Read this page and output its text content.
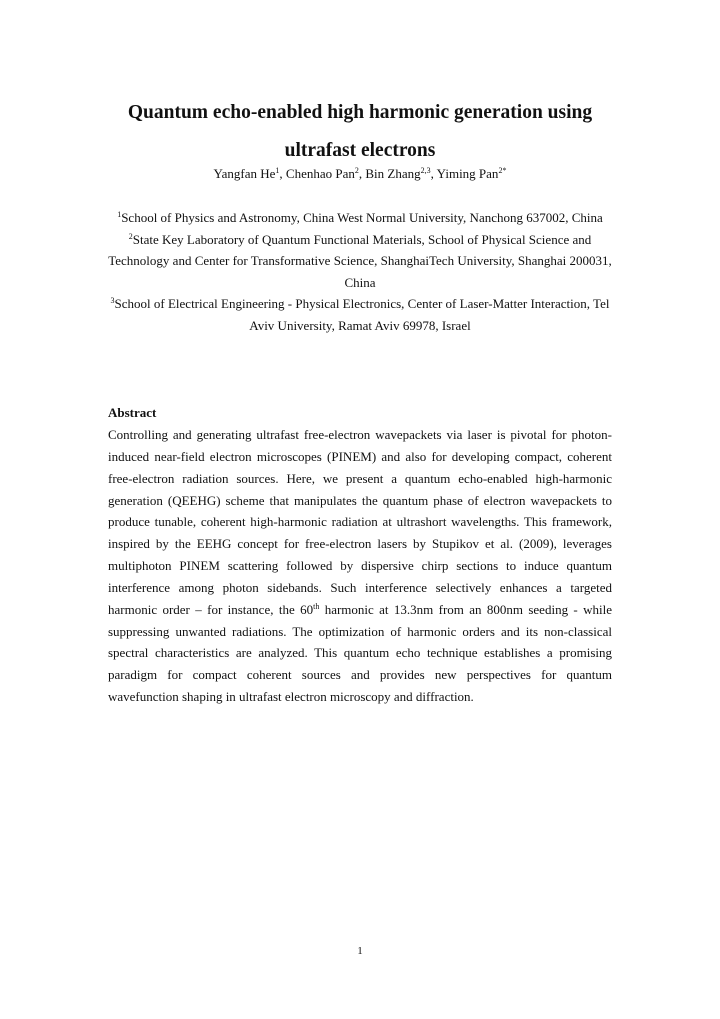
Quantum echo-enabled high harmonic generation using ultrafast electrons

Yangfan He$^1$, Chenhao Pan$^2$, Bin Zhang$^{2,3}$, Yiming Pan$^{2*}$

$^1$School of Physics and Astronomy, China West Normal University, Nanchong 637002, China
$^2$State Key Laboratory of Quantum Functional Materials, School of Physical Science and Technology and Center for Transformative Science, ShanghaiTech University, Shanghai 200031, China
$^3$School of Electrical Engineering - Physical Electronics, Center of Laser-Matter Interaction, Tel Aviv University, Ramat Aviv 69978, Israel
Abstract

Controlling and generating ultrafast free-electron wavepackets via laser is pivotal for photon-induced near-field electron microscopes (PINEM) and also for developing compact, coherent free-electron radiation sources. Here, we present a quantum echo-enabled high-harmonic generation (QEEHG) scheme that manipulates the quantum phase of electron wavepackets to produce tunable, coherent high-harmonic radiation at ultrashort wavelengths. This framework, inspired by the EEHG concept for free-electron lasers by Stupikov et al. (2009), leverages multiphoton PINEM scattering followed by dispersive chirp sections to induce quantum interference among photon sidebands. Such interference selectively enhances a targeted harmonic order – for instance, the 60th harmonic at 13.3nm from an 800nm seeding - while suppressing unwanted radiations. The optimization of harmonic orders and its non-classical spectral characteristics are analyzed. This quantum echo technique establishes a promising paradigm for compact coherent sources and provides new perspectives for quantum wavefunction shaping in ultrafast electron microscopy and diffraction.

1
